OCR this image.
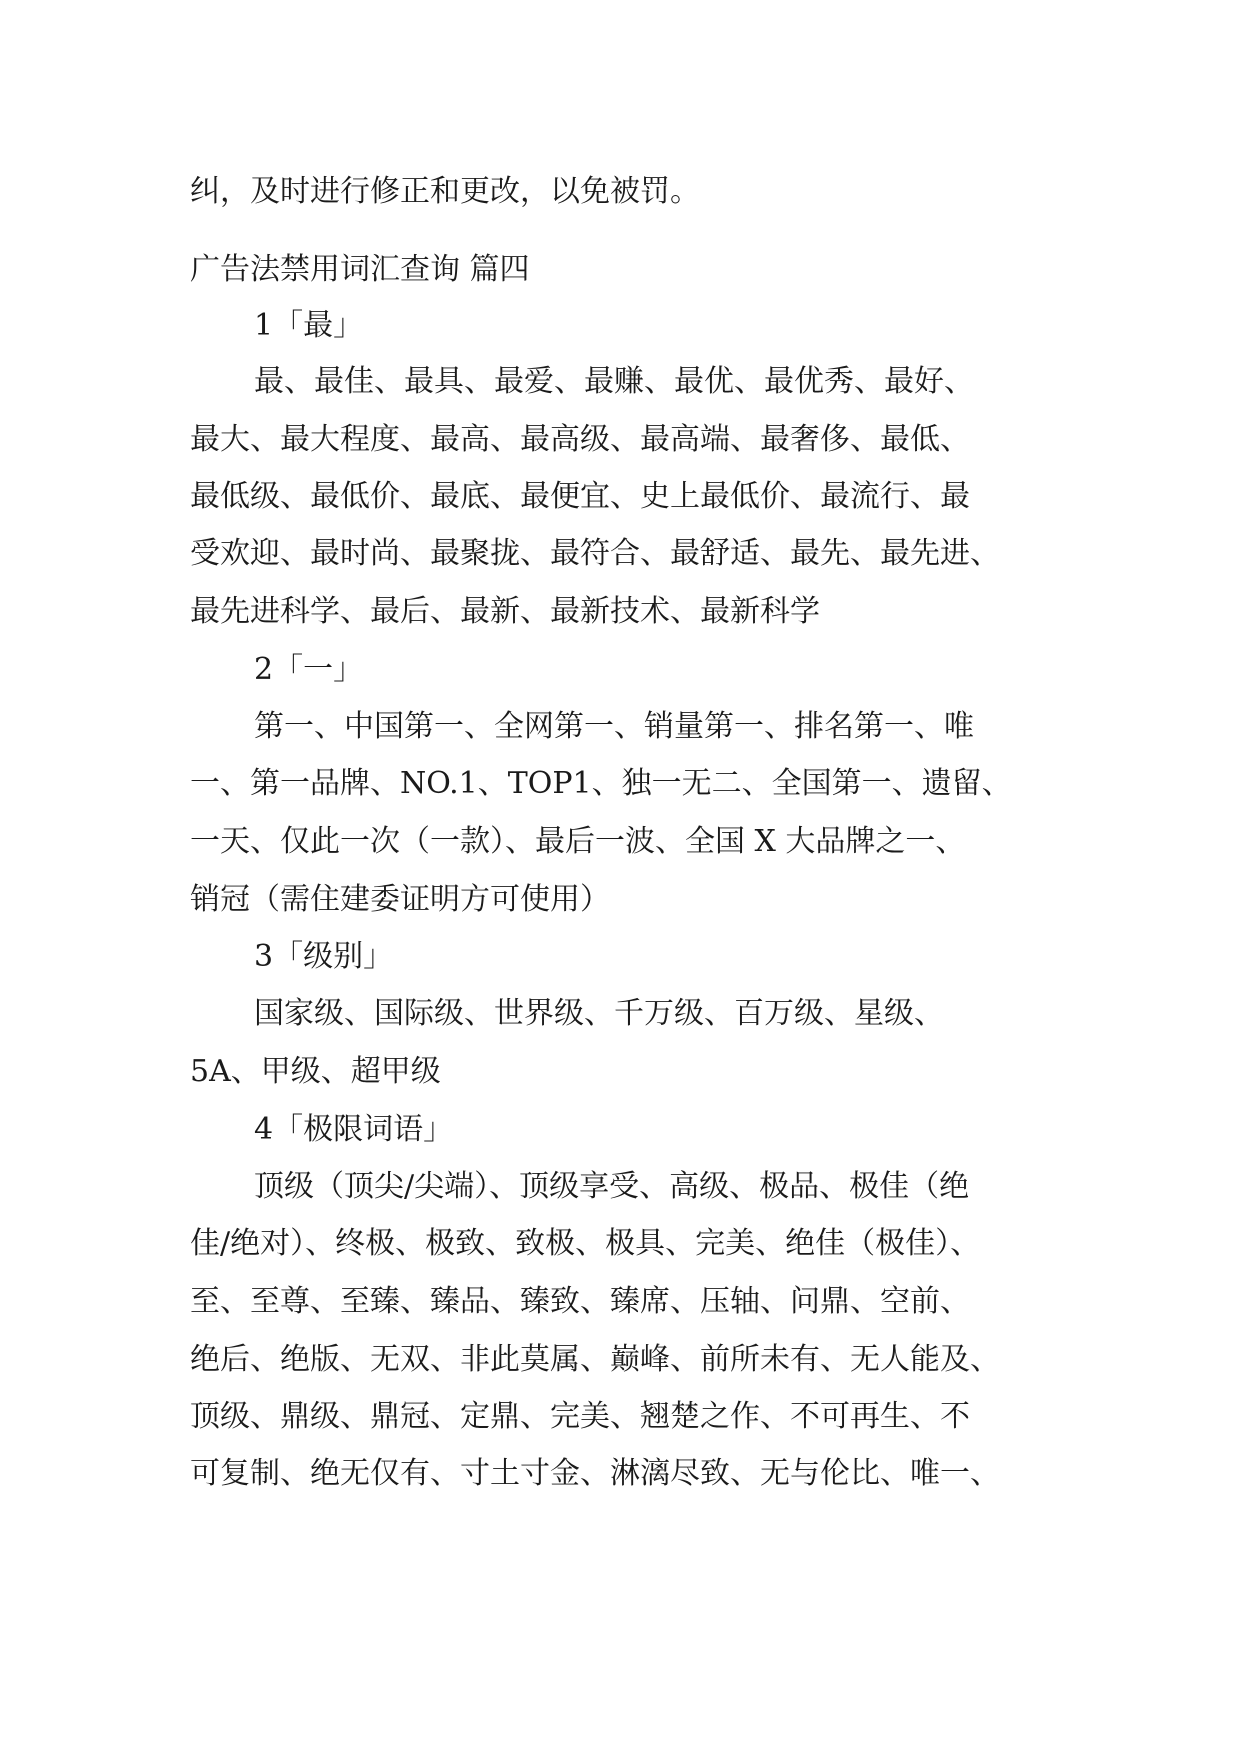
纠，及时进行修正和更改，以免被罚。
广告法禁用词汇查询 篇四
1「最」
最、最佳、最具、最爱、最赚、最优、最优秀、最好、
最大、最大程度、最高、最高级、最高端、最奢侈、最低、
最低级、最低价、最底、最便宜、史上最低价、最流行、最
受欢迎、最时尚、最聚拢、最符合、最舒适、最先、最先进、
最先进科学、最后、最新、最新技术、最新科学
2「一」
第一、中国第一、全网第一、销量第一、排名第一、唯
一、第一品牌、NO.1、TOP1、独一无二、全国第一、遗留、
一天、仅此一次（一款）、最后一波、全国 X 大品牌之一、
销冠（需住建委证明方可使用）
3「级别」
国家级、国际级、世界级、千万级、百万级、星级、
5A、甲级、超甲级
4「极限词语」
顶级（顶尖/尖端）、顶级享受、高级、极品、极佳（绝
佳/绝对）、终极、极致、致极、极具、完美、绝佳（极佳）、
至、至尊、至臻、臻品、臻致、臻席、压轴、问鼎、空前、
绝后、绝版、无双、非此莫属、巅峰、前所未有、无人能及、
顶级、鼎级、鼎冠、定鼎、完美、翘楚之作、不可再生、不
可复制、绝无仅有、寸土寸金、淋漓尽致、无与伦比、唯一、
